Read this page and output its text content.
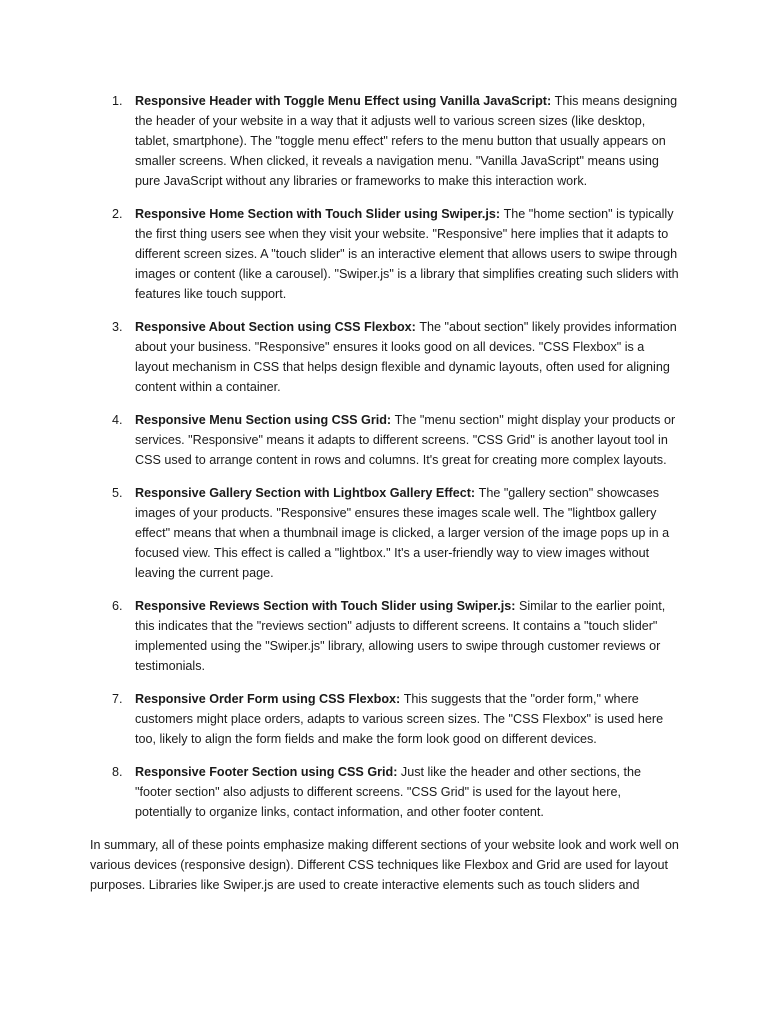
1. Responsive Header with Toggle Menu Effect using Vanilla JavaScript: This means designing the header of your website in a way that it adjusts well to various screen sizes (like desktop, tablet, smartphone). The "toggle menu effect" refers to the menu button that usually appears on smaller screens. When clicked, it reveals a navigation menu. "Vanilla JavaScript" means using pure JavaScript without any libraries or frameworks to make this interaction work.
2. Responsive Home Section with Touch Slider using Swiper.js: The "home section" is typically the first thing users see when they visit your website. "Responsive" here implies that it adapts to different screen sizes. A "touch slider" is an interactive element that allows users to swipe through images or content (like a carousel). "Swiper.js" is a library that simplifies creating such sliders with features like touch support.
3. Responsive About Section using CSS Flexbox: The "about section" likely provides information about your business. "Responsive" ensures it looks good on all devices. "CSS Flexbox" is a layout mechanism in CSS that helps design flexible and dynamic layouts, often used for aligning content within a container.
4. Responsive Menu Section using CSS Grid: The "menu section" might display your products or services. "Responsive" means it adapts to different screens. "CSS Grid" is another layout tool in CSS used to arrange content in rows and columns. It's great for creating more complex layouts.
5. Responsive Gallery Section with Lightbox Gallery Effect: The "gallery section" showcases images of your products. "Responsive" ensures these images scale well. The "lightbox gallery effect" means that when a thumbnail image is clicked, a larger version of the image pops up in a focused view. This effect is called a "lightbox." It's a user-friendly way to view images without leaving the current page.
6. Responsive Reviews Section with Touch Slider using Swiper.js: Similar to the earlier point, this indicates that the "reviews section" adjusts to different screens. It contains a "touch slider" implemented using the "Swiper.js" library, allowing users to swipe through customer reviews or testimonials.
7. Responsive Order Form using CSS Flexbox: This suggests that the "order form," where customers might place orders, adapts to various screen sizes. The "CSS Flexbox" is used here too, likely to align the form fields and make the form look good on different devices.
8. Responsive Footer Section using CSS Grid: Just like the header and other sections, the "footer section" also adjusts to different screens. "CSS Grid" is used for the layout here, potentially to organize links, contact information, and other footer content.

In summary, all of these points emphasize making different sections of your website look and work well on various devices (responsive design). Different CSS techniques like Flexbox and Grid are used for layout purposes. Libraries like Swiper.js are used to create interactive elements such as touch sliders and
